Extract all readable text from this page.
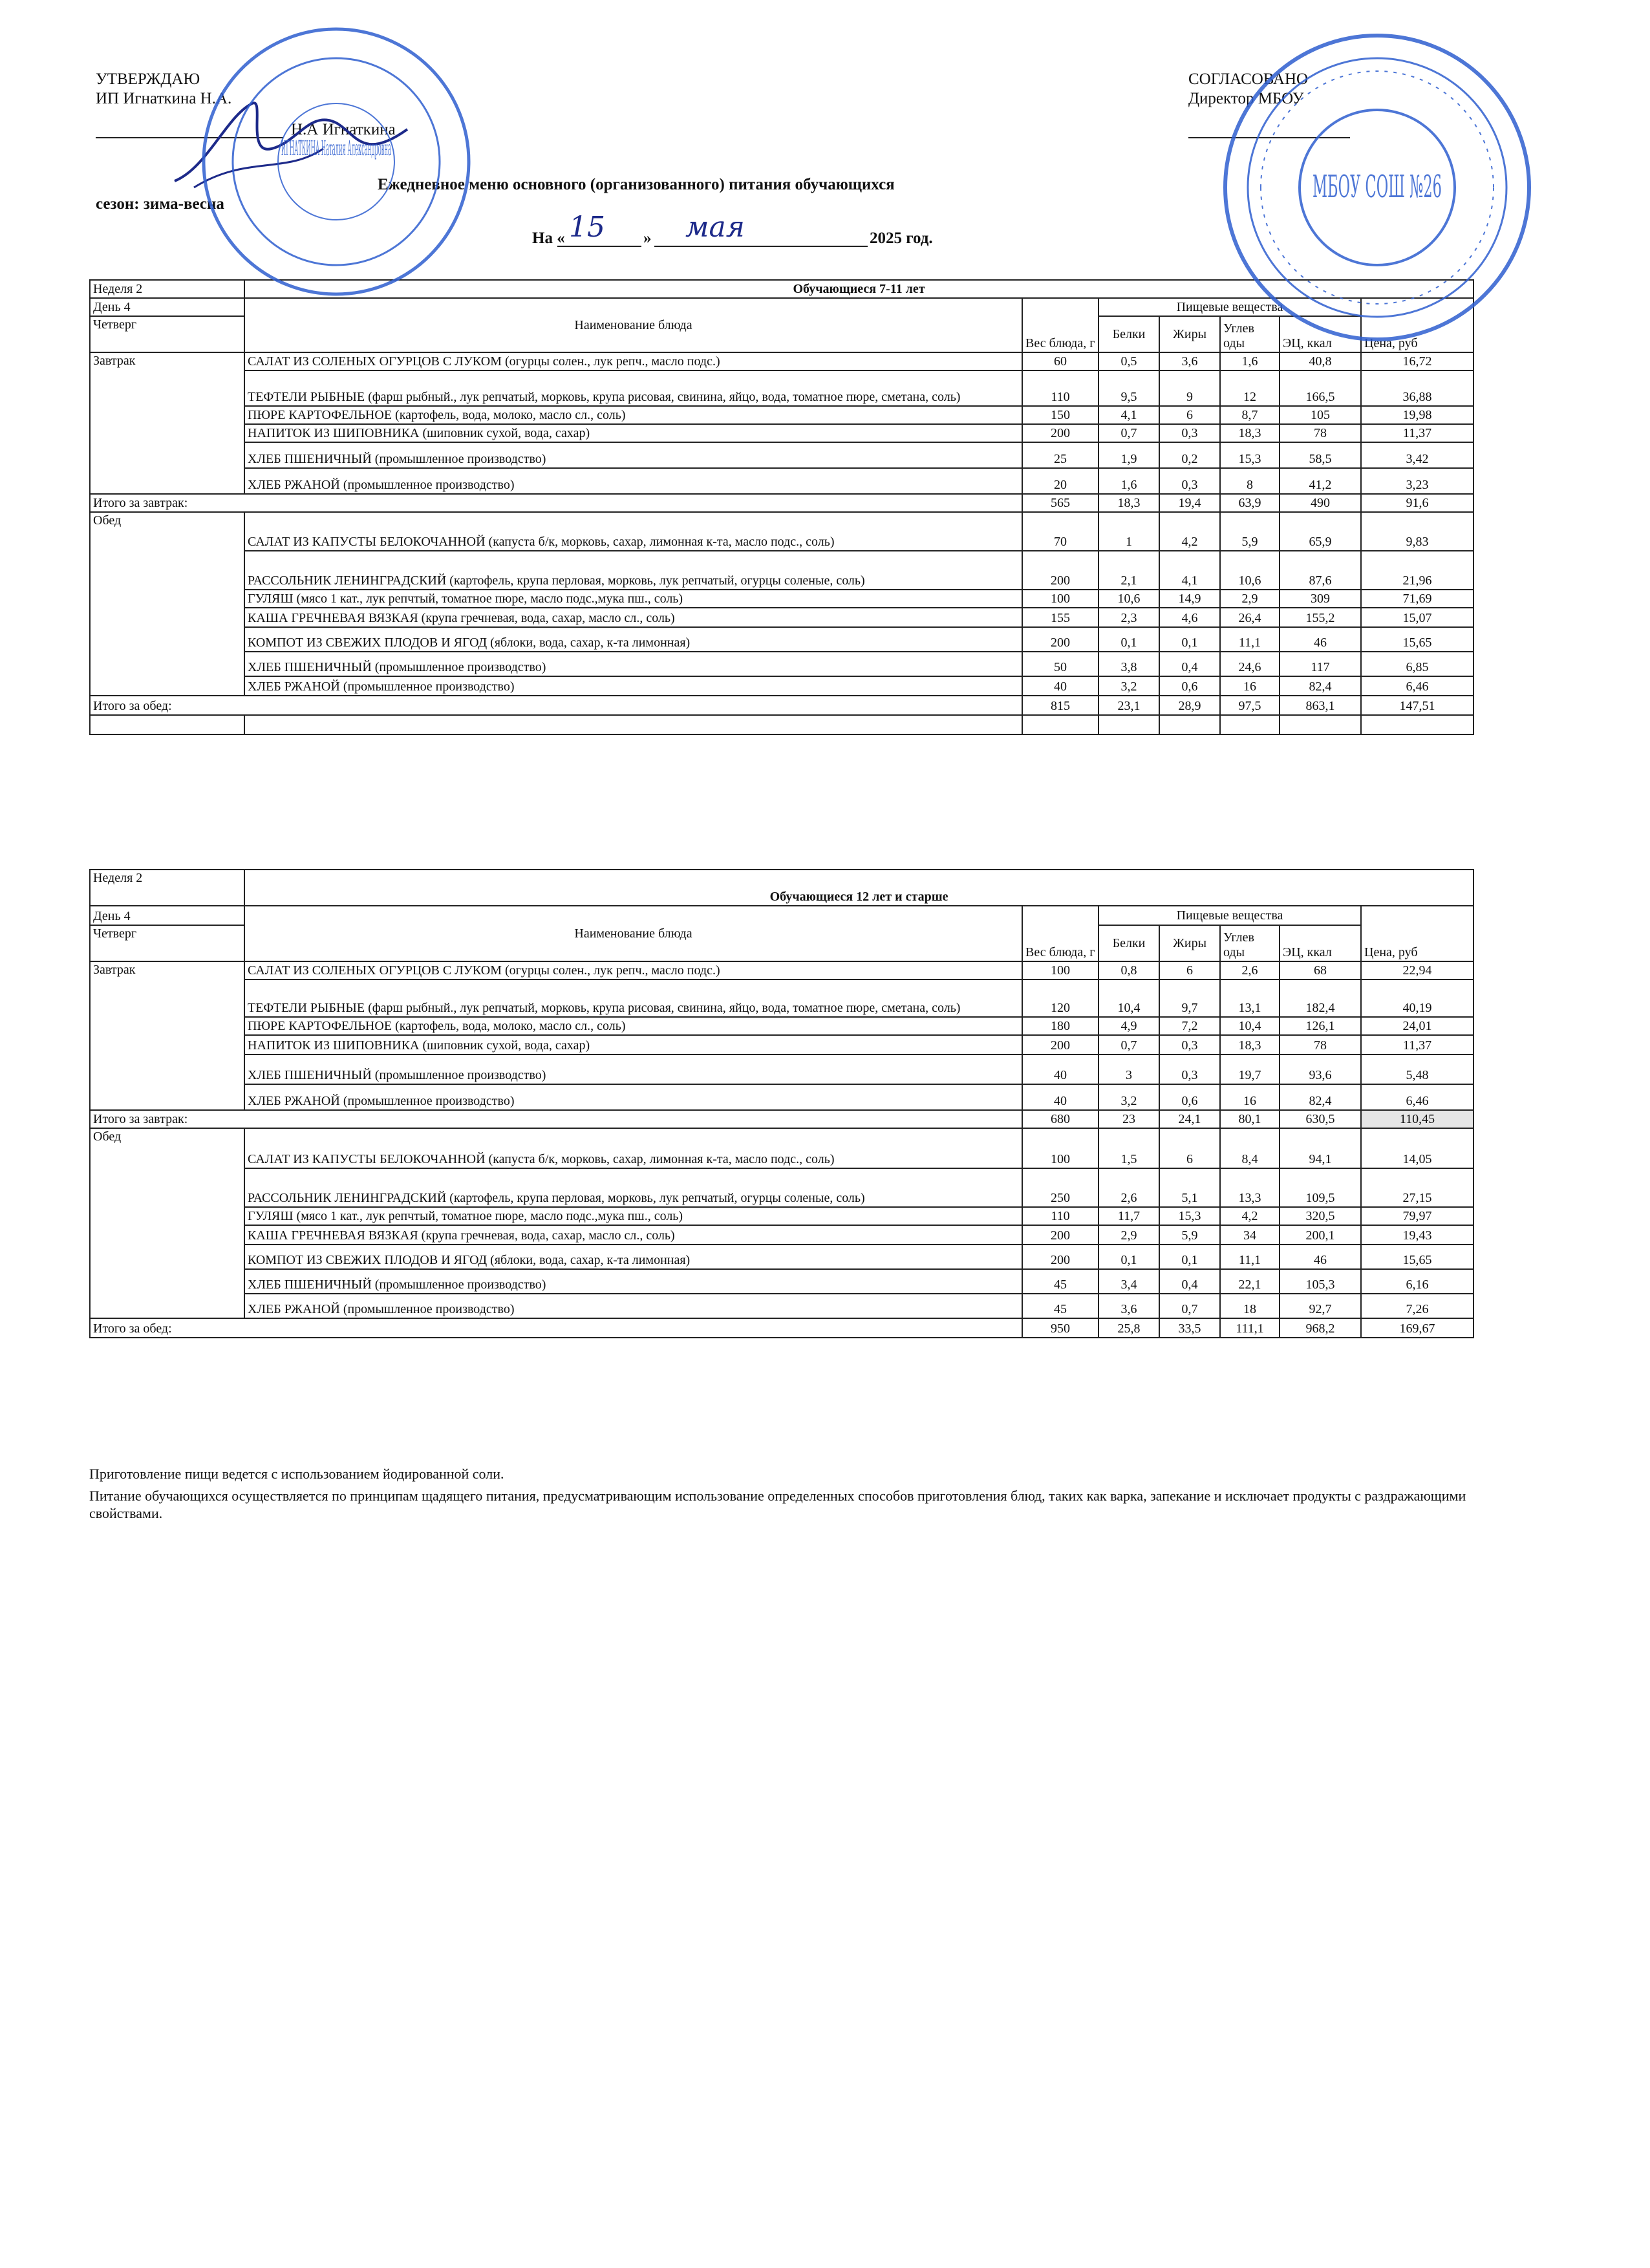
УТВЕРЖДАЮ
ИП Игнаткина Н.А.
Н.А Игнаткина
СОГЛАСОВАНО
Директор МБОУ
Ежедневное меню основного (организованного) питания обучающихся
сезон: зима-весна
На « 15 » мая	2025 год.
Неделя 2	Обучающиеся 7-11 лет						
День 4	Наименование блюда	Вес блюда, г	Пищевые вещества				Цена, руб
Четверг			Белки	Жиры	Углев оды	ЭЦ, ккал	

Завтрак	САЛАТ ИЗ СОЛЕНЫХ ОГУРЦОВ С ЛУКОМ (огурцы солен., лук репч., масло подс.)	60	0,5	3,6	1,6	40,8	16,72
	ТЕФТЕЛИ РЫБНЫЕ (фарш рыбный., лук репчатый, морковь, крупа рисовая, свинина, яйцо, вода, томатное пюре, сметана, соль)	110	9,5	9	12	166,5	36,88
	ПЮРЕ КАРТОФЕЛЬНОЕ (картофель, вода, молоко, масло сл., соль)	150	4,1	6	8,7	105	19,98
	НАПИТОК ИЗ ШИПОВНИКА (шиповник сухой, вода, сахар)	200	0,7	0,3	18,3	78	11,37
	ХЛЕБ ПШЕНИЧНЫЙ (промышленное производство)	25	1,9	0,2	15,3	58,5	3,42
	ХЛЕБ РЖАНОЙ (промышленное производство)	20	1,6	0,3	8	41,2	3,23
Итого за завтрак:		565	18,3	19,4	63,9	490	91,6
Обед	САЛАТ ИЗ КАПУСТЫ БЕЛОКОЧАННОЙ (капуста б/к, морковь, сахар, лимонная к-та, масло подс., соль)	70	1	4,2	5,9	65,9	9,83
	РАССОЛЬНИК ЛЕНИНГРАДСКИЙ (картофель, крупа перловая, морковь, лук репчатый, огурцы соленые, соль)	200	2,1	4,1	10,6	87,6	21,96
	ГУЛЯШ (мясо 1 кат., лук репчтый, томатное пюре, масло подс.,мука пш., соль)	100	10,6	14,9	2,9	309	71,69
	КАША ГРЕЧНЕВАЯ ВЯЗКАЯ (крупа гречневая, вода, сахар, масло сл., соль)	155	2,3	4,6	26,4	155,2	15,07
	КОМПОТ ИЗ СВЕЖИХ ПЛОДОВ И ЯГОД (яблоки, вода, сахар, к-та лимонная)	200	0,1	0,1	11,1	46	15,65
	ХЛЕБ ПШЕНИЧНЫЙ (промышленное производство)	50	3,8	0,4	24,6	117	6,85
	ХЛЕБ РЖАНОЙ (промышленное производство)	40	3,2	0,6	16	82,4	6,46
Итого за обед:		815	23,1	28,9	97,5	863,1	147,51

Неделя 2	Обучающиеся 12 лет и старше						
День 4	Наименование блюда	Вес блюда, г	Пищевые вещества				Цена, руб
Четверг			Белки	Жиры	Углев оды	ЭЦ, ккал	

Завтрак	САЛАТ ИЗ СОЛЕНЫХ ОГУРЦОВ С ЛУКОМ (огурцы солен., лук репч., масло подс.)	100	0,8	6	2,6	68	22,94
	ТЕФТЕЛИ РЫБНЫЕ (фарш рыбный., лук репчатый, морковь, крупа рисовая, свинина, яйцо, вода, томатное пюре, сметана, соль)	120	10,4	9,7	13,1	182,4	40,19
	ПЮРЕ КАРТОФЕЛЬНОЕ (картофель, вода, молоко, масло сл., соль)	180	4,9	7,2	10,4	126,1	24,01
	НАПИТОК ИЗ ШИПОВНИКА (шиповник сухой, вода, сахар)	200	0,7	0,3	18,3	78	11,37
	ХЛЕБ ПШЕНИЧНЫЙ (промышленное производство)	40	3	0,3	19,7	93,6	5,48
	ХЛЕБ РЖАНОЙ (промышленное производство)	40	3,2	0,6	16	82,4	6,46
Итого за завтрак:		680	23	24,1	80,1	630,5	110,45
Обед	САЛАТ ИЗ КАПУСТЫ БЕЛОКОЧАННОЙ (капуста б/к, морковь, сахар, лимонная к-та, масло подс., соль)	100	1,5	6	8,4	94,1	14,05
	РАССОЛЬНИК ЛЕНИНГРАДСКИЙ (картофель, крупа перловая, морковь, лук репчатый, огурцы соленые, соль)	250	2,6	5,1	13,3	109,5	27,15
	ГУЛЯШ (мясо 1 кат., лук репчтый, томатное пюре, масло подс.,мука пш., соль)	110	11,7	15,3	4,2	320,5	79,97
	КАША ГРЕЧНЕВАЯ ВЯЗКАЯ (крупа гречневая, вода, сахар, масло сл., соль)	200	2,9	5,9	34	200,1	19,43
	КОМПОТ ИЗ СВЕЖИХ ПЛОДОВ И ЯГОД (яблоки, вода, сахар, к-та лимонная)	200	0,1	0,1	11,1	46	15,65
	ХЛЕБ ПШЕНИЧНЫЙ (промышленное производство)	45	3,4	0,4	22,1	105,3	6,16
	ХЛЕБ РЖАНОЙ (промышленное производство)	45	3,6	0,7	18	92,7	7,26
Итого за обед:		950	25,8	33,5	111,1	968,2	169,67
Приготовление пищи ведется с использованием йодированной соли.
Питание обучающихся осуществляется по принципам щадящего питания, предусматривающим использование определенных способов приготовления блюд, таких как варка, запекание и исключает продукты с раздражающими свойствами.
ИГНАТКИНА Наталия Александровна
МБОУ СОШ №26
